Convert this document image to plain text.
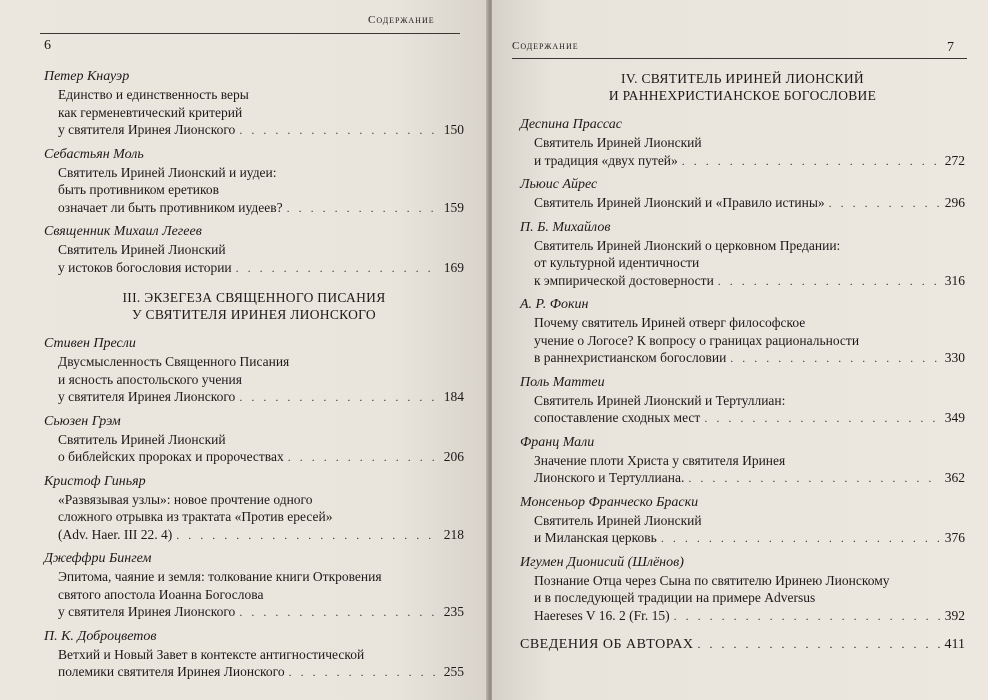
Содержание
6
Петер Кнауэр
Единство и единственность веры
как герменевтический критерий
у святителя Иринея Лионского . . .	150
Себастьян Моль
Святитель Ириней Лионский и иудеи:
быть противником еретиков
означает ли быть противником иудеев? . . .	159
Священник Михаил Легеев
Святитель Ириней Лионский
у истоков богословия истории . . .	169
III. ЭКЗЕГЕЗА СВЯЩЕННОГО ПИСАНИЯ
У СВЯТИТЕЛЯ ИРИНЕЯ ЛИОНСКОГО
Стивен Пресли
Двусмысленность Священного Писания
и ясность апостольского учения
у святителя Иринея Лионского . . .	184
Сьюзен Грэм
Святитель Ириней Лионский
о библейских пророках и пророчествах . . .	206
Кристоф Гиньяр
«Развязывая узлы»: новое прочтение одного
сложного отрывка из трактата «Против ересей»
(Adv. Haer. III 22. 4) . . .	218
Джеффри Бингем
Эпитома, чаяние и земля: толкование книги Откровения
святого апостола Иоанна Богослова
у святителя Иринея Лионского . . .	235
П. К. Доброцветов
Ветхий и Новый Завет в контексте антигностической
полемики святителя Иринея Лионского . . .	255
Содержание	7
IV. СВЯТИТЕЛЬ ИРИНЕЙ ЛИОНСКИЙ
И РАННЕХРИСТИАНСКОЕ БОГОСЛОВИЕ
Деспина Прассас
Святитель Ириней Лионский
и традиция «двух путей» . . .	272
Льюис Айрес
Святитель Ириней Лионский и «Правило истины» . . .	296
П. Б. Михайлов
Святитель Ириней Лионский о церковном Предании:
от культурной идентичности
к эмпирической достоверности . . .	316
А. Р. Фокин
Почему святитель Ириней отверг философское
учение о Логосе? К вопросу о границах рациональности
в раннехристианском богословии . . .	330
Поль Маттеи
Святитель Ириней Лионский и Тертуллиан:
сопоставление сходных мест . . .	349
Франц Мали
Значение плоти Христа у святителя Иринея
Лионского и Тертуллиана. . . .	362
Монсеньор Франческо Браски
Святитель Ириней Лионский
и Миланская церковь . . .	376
Игумен Дионисий (Шлёнов)
Познание Отца через Сына по святителю Иринею Лионскому
и в последующей традиции на примере Adversus
Haereses V 16. 2 (Fr. 15) . . .	392
СВЕДЕНИЯ ОБ АВТОРАХ . . .	411
